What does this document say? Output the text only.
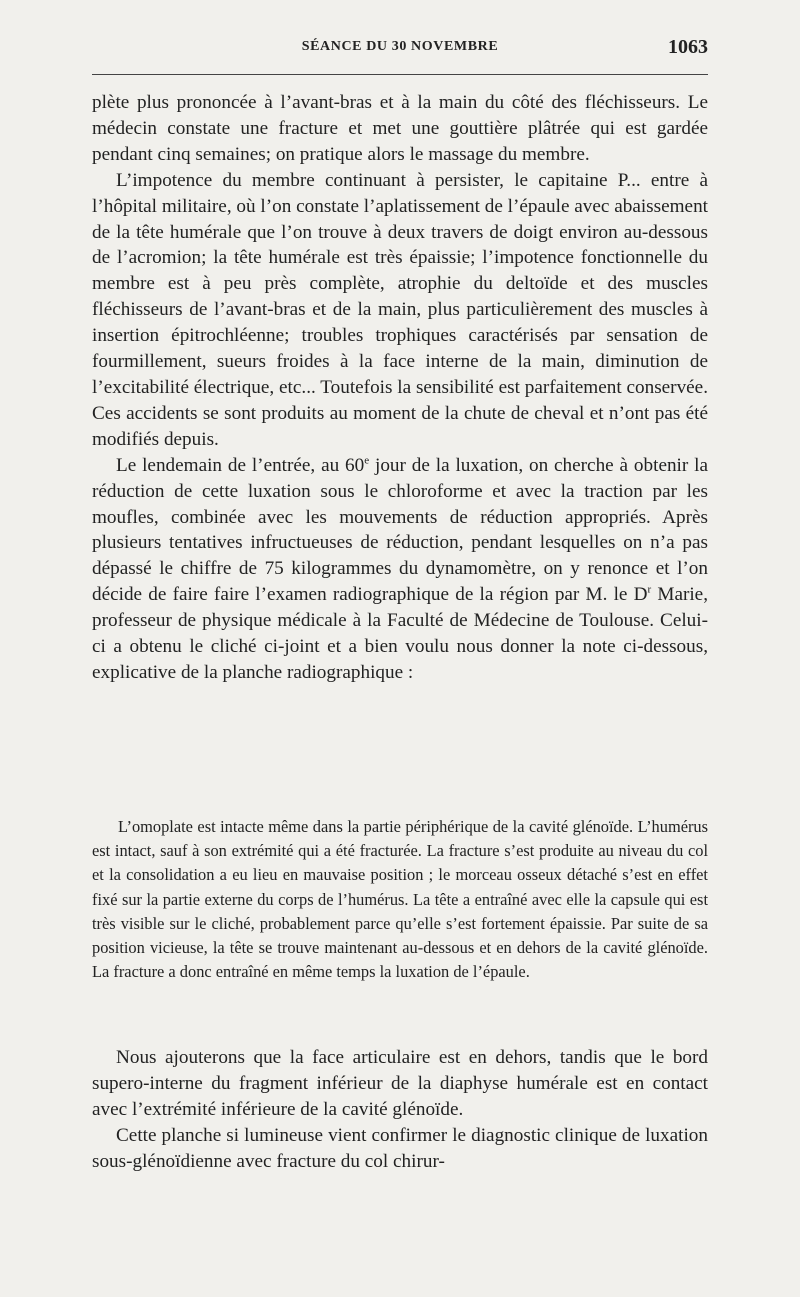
SÉANCE DU 30 NOVEMBRE	1063

plète plus prononcée à l’avant-bras et à la main du côté des fléchisseurs. Le médecin constate une fracture et met une gouttière plâtrée qui est gardée pendant cinq semaines; on pratique alors le massage du membre.

L’impotence du membre continuant à persister, le capitaine P... entre à l’hôpital militaire, où l’on constate l’aplatissement de l’épaule avec abaissement de la tête humérale que l’on trouve à deux travers de doigt environ au-dessous de l’acromion; la tête humérale est très épaissie; l’impotence fonctionnelle du membre est à peu près complète, atrophie du deltoïde et des muscles fléchisseurs de l’avant-bras et de la main, plus particulièrement des muscles à insertion épitrochléenne; troubles trophiques caractérisés par sensation de fourmillement, sueurs froides à la face interne de la main, diminution de l’excitabilité électrique, etc... Toutefois la sensibilité est parfaitement conservée. Ces accidents se sont produits au moment de la chute de cheval et n’ont pas été modifiés depuis.

Le lendemain de l’entrée, au 60e jour de la luxation, on cherche à obtenir la réduction de cette luxation sous le chloroforme et avec la traction par les moufles, combinée avec les mouvements de réduction appropriés. Après plusieurs tentatives infructueuses de réduction, pendant lesquelles on n’a pas dépassé le chiffre de 75 kilogrammes du dynamomètre, on y renonce et l’on décide de faire faire l’examen radiographique de la région par M. le $D^r$ Marie, professeur de physique médicale à la Faculté de Médecine de Toulouse. Celui-ci a obtenu le cliché ci-joint et a bien voulu nous donner la note ci-dessous, explicative de la planche radiographique :

L’omoplate est intacte même dans la partie périphérique de la cavité glénoïde. L’humérus est intact, sauf à son extrémité qui a été fracturée. La fracture s’est produite au niveau du col et la consolidation a eu lieu en mauvaise position ; le morceau osseux détaché s’est en effet fixé sur la partie externe du corps de l’humérus. La tête a entraîné avec elle la capsule qui est très visible sur le cliché, probablement parce qu’elle s’est fortement épaissie. Par suite de sa position vicieuse, la tête se trouve maintenant au-dessous et en dehors de la cavité glénoïde. La fracture a donc entraîné en même temps la luxation de l’épaule.

Nous ajouterons que la face articulaire est en dehors, tandis que le bord supero-interne du fragment inférieur de la diaphyse humérale est en contact avec l’extrémité inférieure de la cavité glénoïde.

Cette planche si lumineuse vient confirmer le diagnostic clinique de luxation sous-glénoïdienne avec fracture du col chirur-
